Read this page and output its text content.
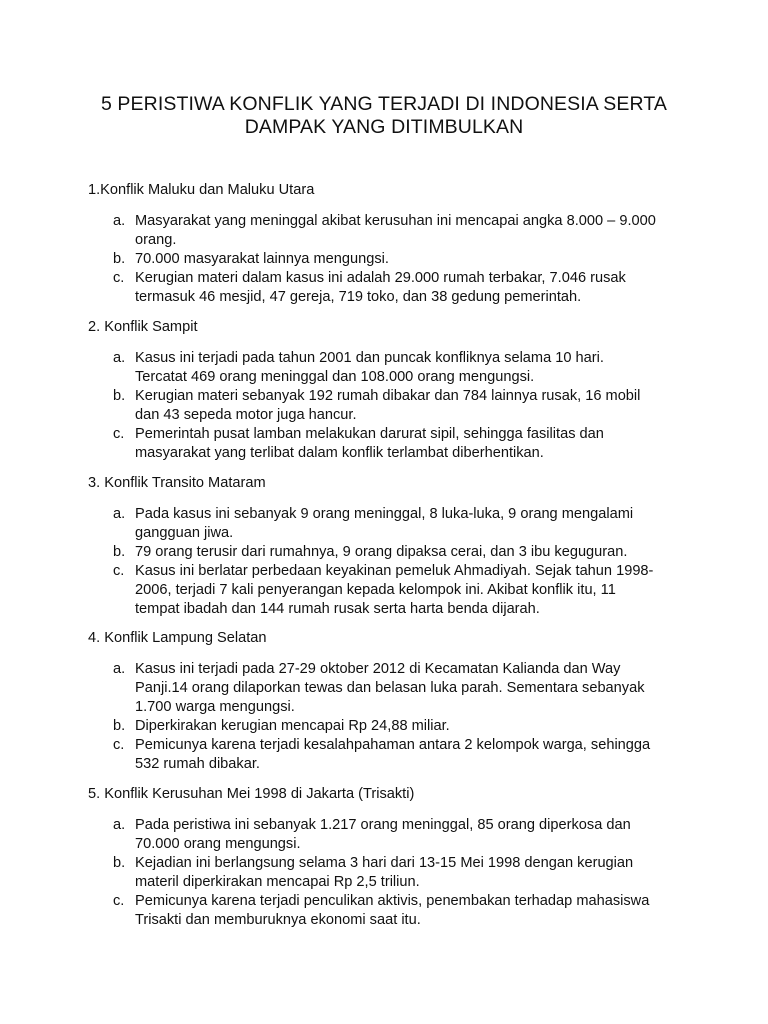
5 PERISTIWA KONFLIK YANG TERJADI DI INDONESIA SERTA
DAMPAK YANG DITIMBULKAN

1.Konflik Maluku dan Maluku Utara

a. Masyarakat yang meninggal akibat kerusuhan ini mencapai angka 8.000 – 9.000
orang.
b. 70.000 masyarakat lainnya mengungsi.
c. Kerugian materi dalam kasus ini adalah 29.000 rumah terbakar, 7.046 rusak
termasuk 46 mesjid, 47 gereja, 719 toko, dan 38 gedung pemerintah.

2. Konflik Sampit

a. Kasus ini terjadi pada tahun 2001 dan puncak konfliknya selama 10 hari.
Tercatat 469 orang meninggal dan 108.000 orang mengungsi.
b. Kerugian materi sebanyak 192 rumah dibakar dan 784 lainnya rusak, 16 mobil
dan 43 sepeda motor juga hancur.
c. Pemerintah pusat lamban melakukan darurat sipil, sehingga fasilitas dan
masyarakat yang terlibat dalam konflik terlambat diberhentikan.

3. Konflik Transito Mataram

a. Pada kasus ini sebanyak 9 orang meninggal, 8 luka-luka, 9 orang mengalami
gangguan jiwa.
b. 79 orang terusir dari rumahnya, 9 orang dipaksa cerai, dan 3 ibu keguguran.
c. Kasus ini berlatar perbedaan keyakinan pemeluk Ahmadiyah. Sejak tahun 1998-
2006, terjadi 7 kali penyerangan kepada kelompok ini. Akibat konflik itu, 11
tempat ibadah dan 144 rumah rusak serta harta benda dijarah.

4. Konflik Lampung Selatan

a. Kasus ini terjadi pada 27-29 oktober 2012 di Kecamatan Kalianda dan Way
Panji.14 orang dilaporkan tewas dan belasan luka parah. Sementara sebanyak
1.700 warga mengungsi.
b. Diperkirakan kerugian mencapai Rp 24,88 miliar.
c. Pemicunya karena terjadi kesalahpahaman antara 2 kelompok warga, sehingga
532 rumah dibakar.

5. Konflik Kerusuhan Mei 1998 di Jakarta (Trisakti)

a. Pada peristiwa ini sebanyak 1.217 orang meninggal, 85 orang diperkosa dan
70.000 orang mengungsi.
b. Kejadian ini berlangsung selama 3 hari dari 13-15 Mei 1998 dengan kerugian
materil diperkirakan mencapai Rp 2,5 triliun.
c. Pemicunya karena terjadi penculikan aktivis, penembakan terhadap mahasiswa
Trisakti dan memburuknya ekonomi saat itu.
